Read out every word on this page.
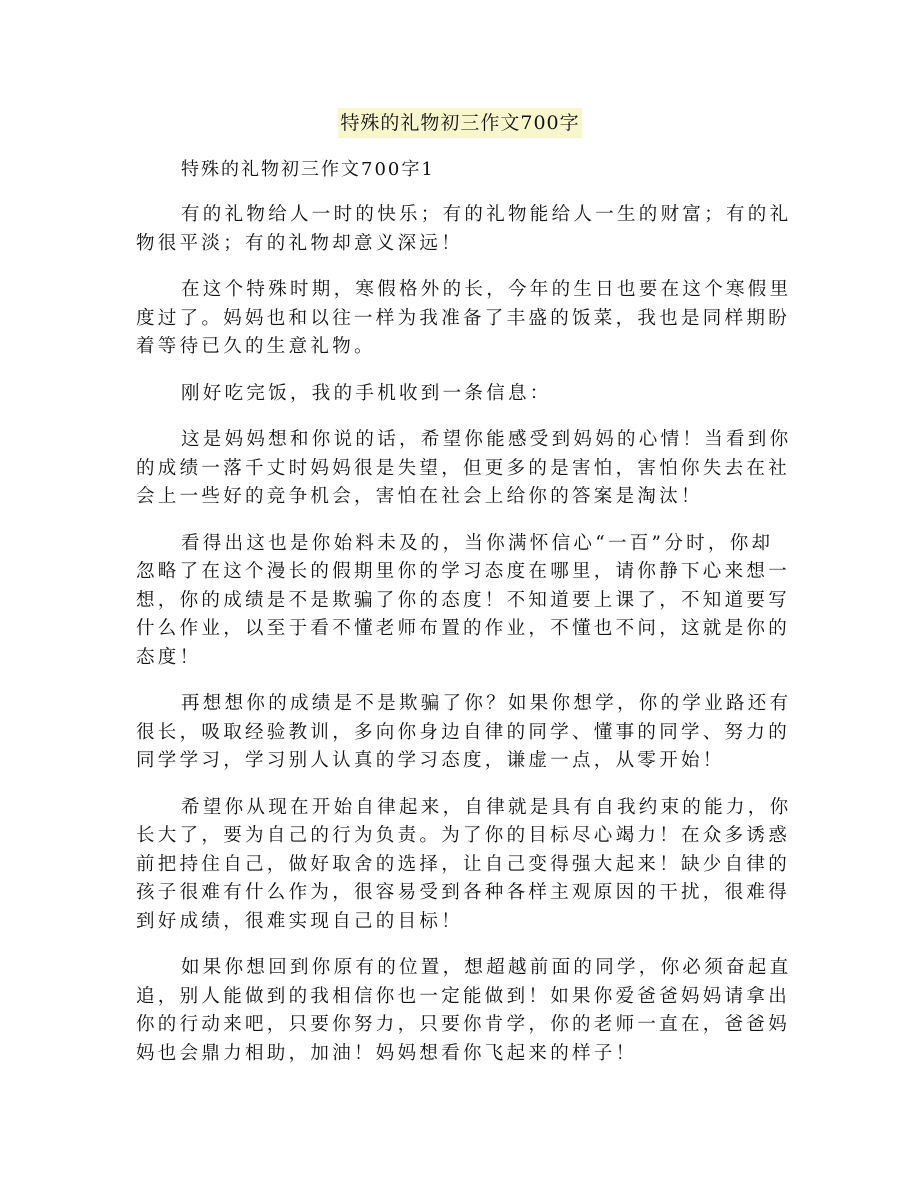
特殊的礼物初三作文700字
特殊的礼物初三作文700字1
有的礼物给人一时的快乐；有的礼物能给人一生的财富；有的礼
物很平淡；有的礼物却意义深远！
在这个特殊时期，寒假格外的长，今年的生日也要在这个寒假里
度过了。妈妈也和以往一样为我准备了丰盛的饭菜，我也是同样期盼
着等待已久的生意礼物。
刚好吃完饭，我的手机收到一条信息：
这是妈妈想和你说的话，希望你能感受到妈妈的心情！当看到你
的成绩一落千丈时妈妈很是失望，但更多的是害怕，害怕你失去在社
会上一些好的竞争机会，害怕在社会上给你的答案是淘汰！
看得出这也是你始料未及的，当你满怀信心“一百”分时，你却
忽略了在这个漫长的假期里你的学习态度在哪里，请你静下心来想一
想，你的成绩是不是欺骗了你的态度！不知道要上课了，不知道要写
什么作业，以至于看不懂老师布置的作业，不懂也不问，这就是你的
态度！
再想想你的成绩是不是欺骗了你？如果你想学，你的学业路还有
很长，吸取经验教训，多向你身边自律的同学、懂事的同学、努力的
同学学习，学习别人认真的学习态度，谦虚一点，从零开始！
希望你从现在开始自律起来，自律就是具有自我约束的能力，你
长大了，要为自己的行为负责。为了你的目标尽心竭力！在众多诱惑
前把持住自己，做好取舍的选择，让自己变得强大起来！缺少自律的
孩子很难有什么作为，很容易受到各种各样主观原因的干扰，很难得
到好成绩，很难实现自己的目标！
如果你想回到你原有的位置，想超越前面的同学，你必须奋起直
追，别人能做到的我相信你也一定能做到！如果你爱爸爸妈妈请拿出
你的行动来吧，只要你努力，只要你肯学，你的老师一直在，爸爸妈
妈也会鼎力相助，加油！妈妈想看你飞起来的样子！
